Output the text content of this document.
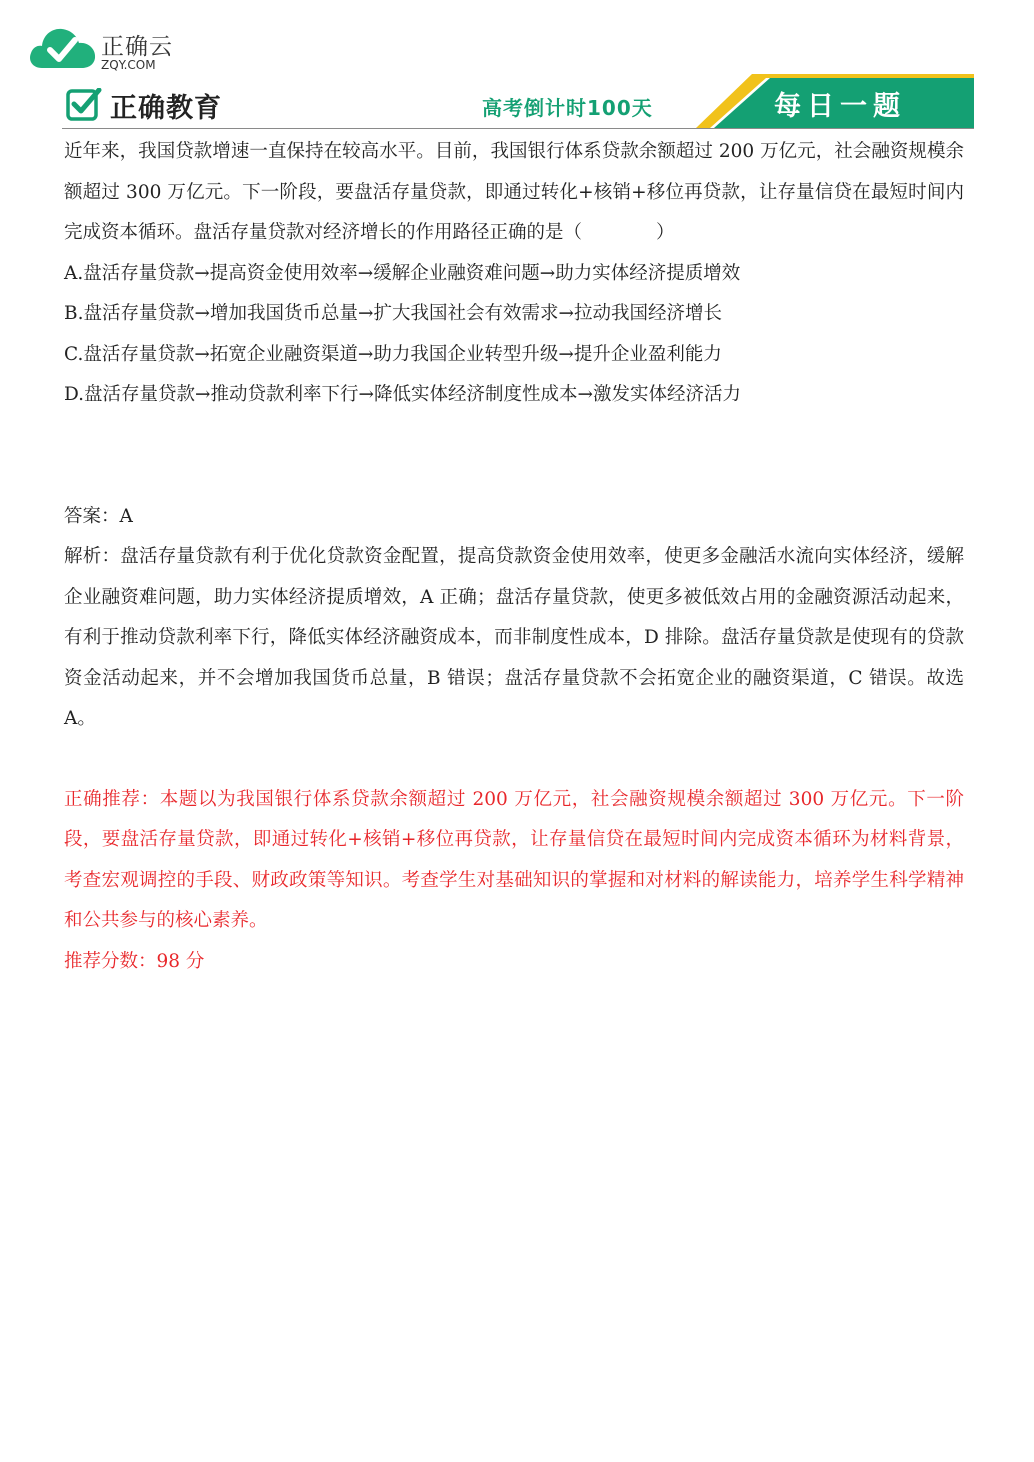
正确云
ZQY.COM
正确教育	高考倒计时100天	每日一题

近年来，我国贷款增速一直保持在较高水平。目前，我国银行体系贷款余额超过 200 万亿元，社会融资规模余额超过 300 万亿元。下一阶段，要盘活存量贷款，即通过转化+核销+移位再贷款，让存量信贷在最短时间内完成资本循环。盘活存量贷款对经济增长的作用路径正确的是（　　　　）

A.盘活存量贷款→提高资金使用效率→缓解企业融资难问题→助力实体经济提质增效

B.盘活存量贷款→增加我国货币总量→扩大我国社会有效需求→拉动我国经济增长

C.盘活存量贷款→拓宽企业融资渠道→助力我国企业转型升级→提升企业盈利能力

D.盘活存量贷款→推动贷款利率下行→降低实体经济制度性成本→激发实体经济活力

答案：A

解析：盘活存量贷款有利于优化贷款资金配置，提高贷款资金使用效率，使更多金融活水流向实体经济，缓解企业融资难问题，助力实体经济提质增效，A 正确；盘活存量贷款，使更多被低效占用的金融资源活动起来，有利于推动贷款利率下行，降低实体经济融资成本，而非制度性成本，D 排除。盘活存量贷款是使现有的贷款资金活动起来，并不会增加我国货币总量，B 错误；盘活存量贷款不会拓宽企业的融资渠道，C 错误。故选 A。

正确推荐：本题以为我国银行体系贷款余额超过 200 万亿元，社会融资规模余额超过 300 万亿元。下一阶段，要盘活存量贷款，即通过转化+核销+移位再贷款，让存量信贷在最短时间内完成资本循环为材料背景，考查宏观调控的手段、财政政策等知识。考查学生对基础知识的掌握和对材料的解读能力，培养学生科学精神和公共参与的核心素养。

推荐分数：98 分
